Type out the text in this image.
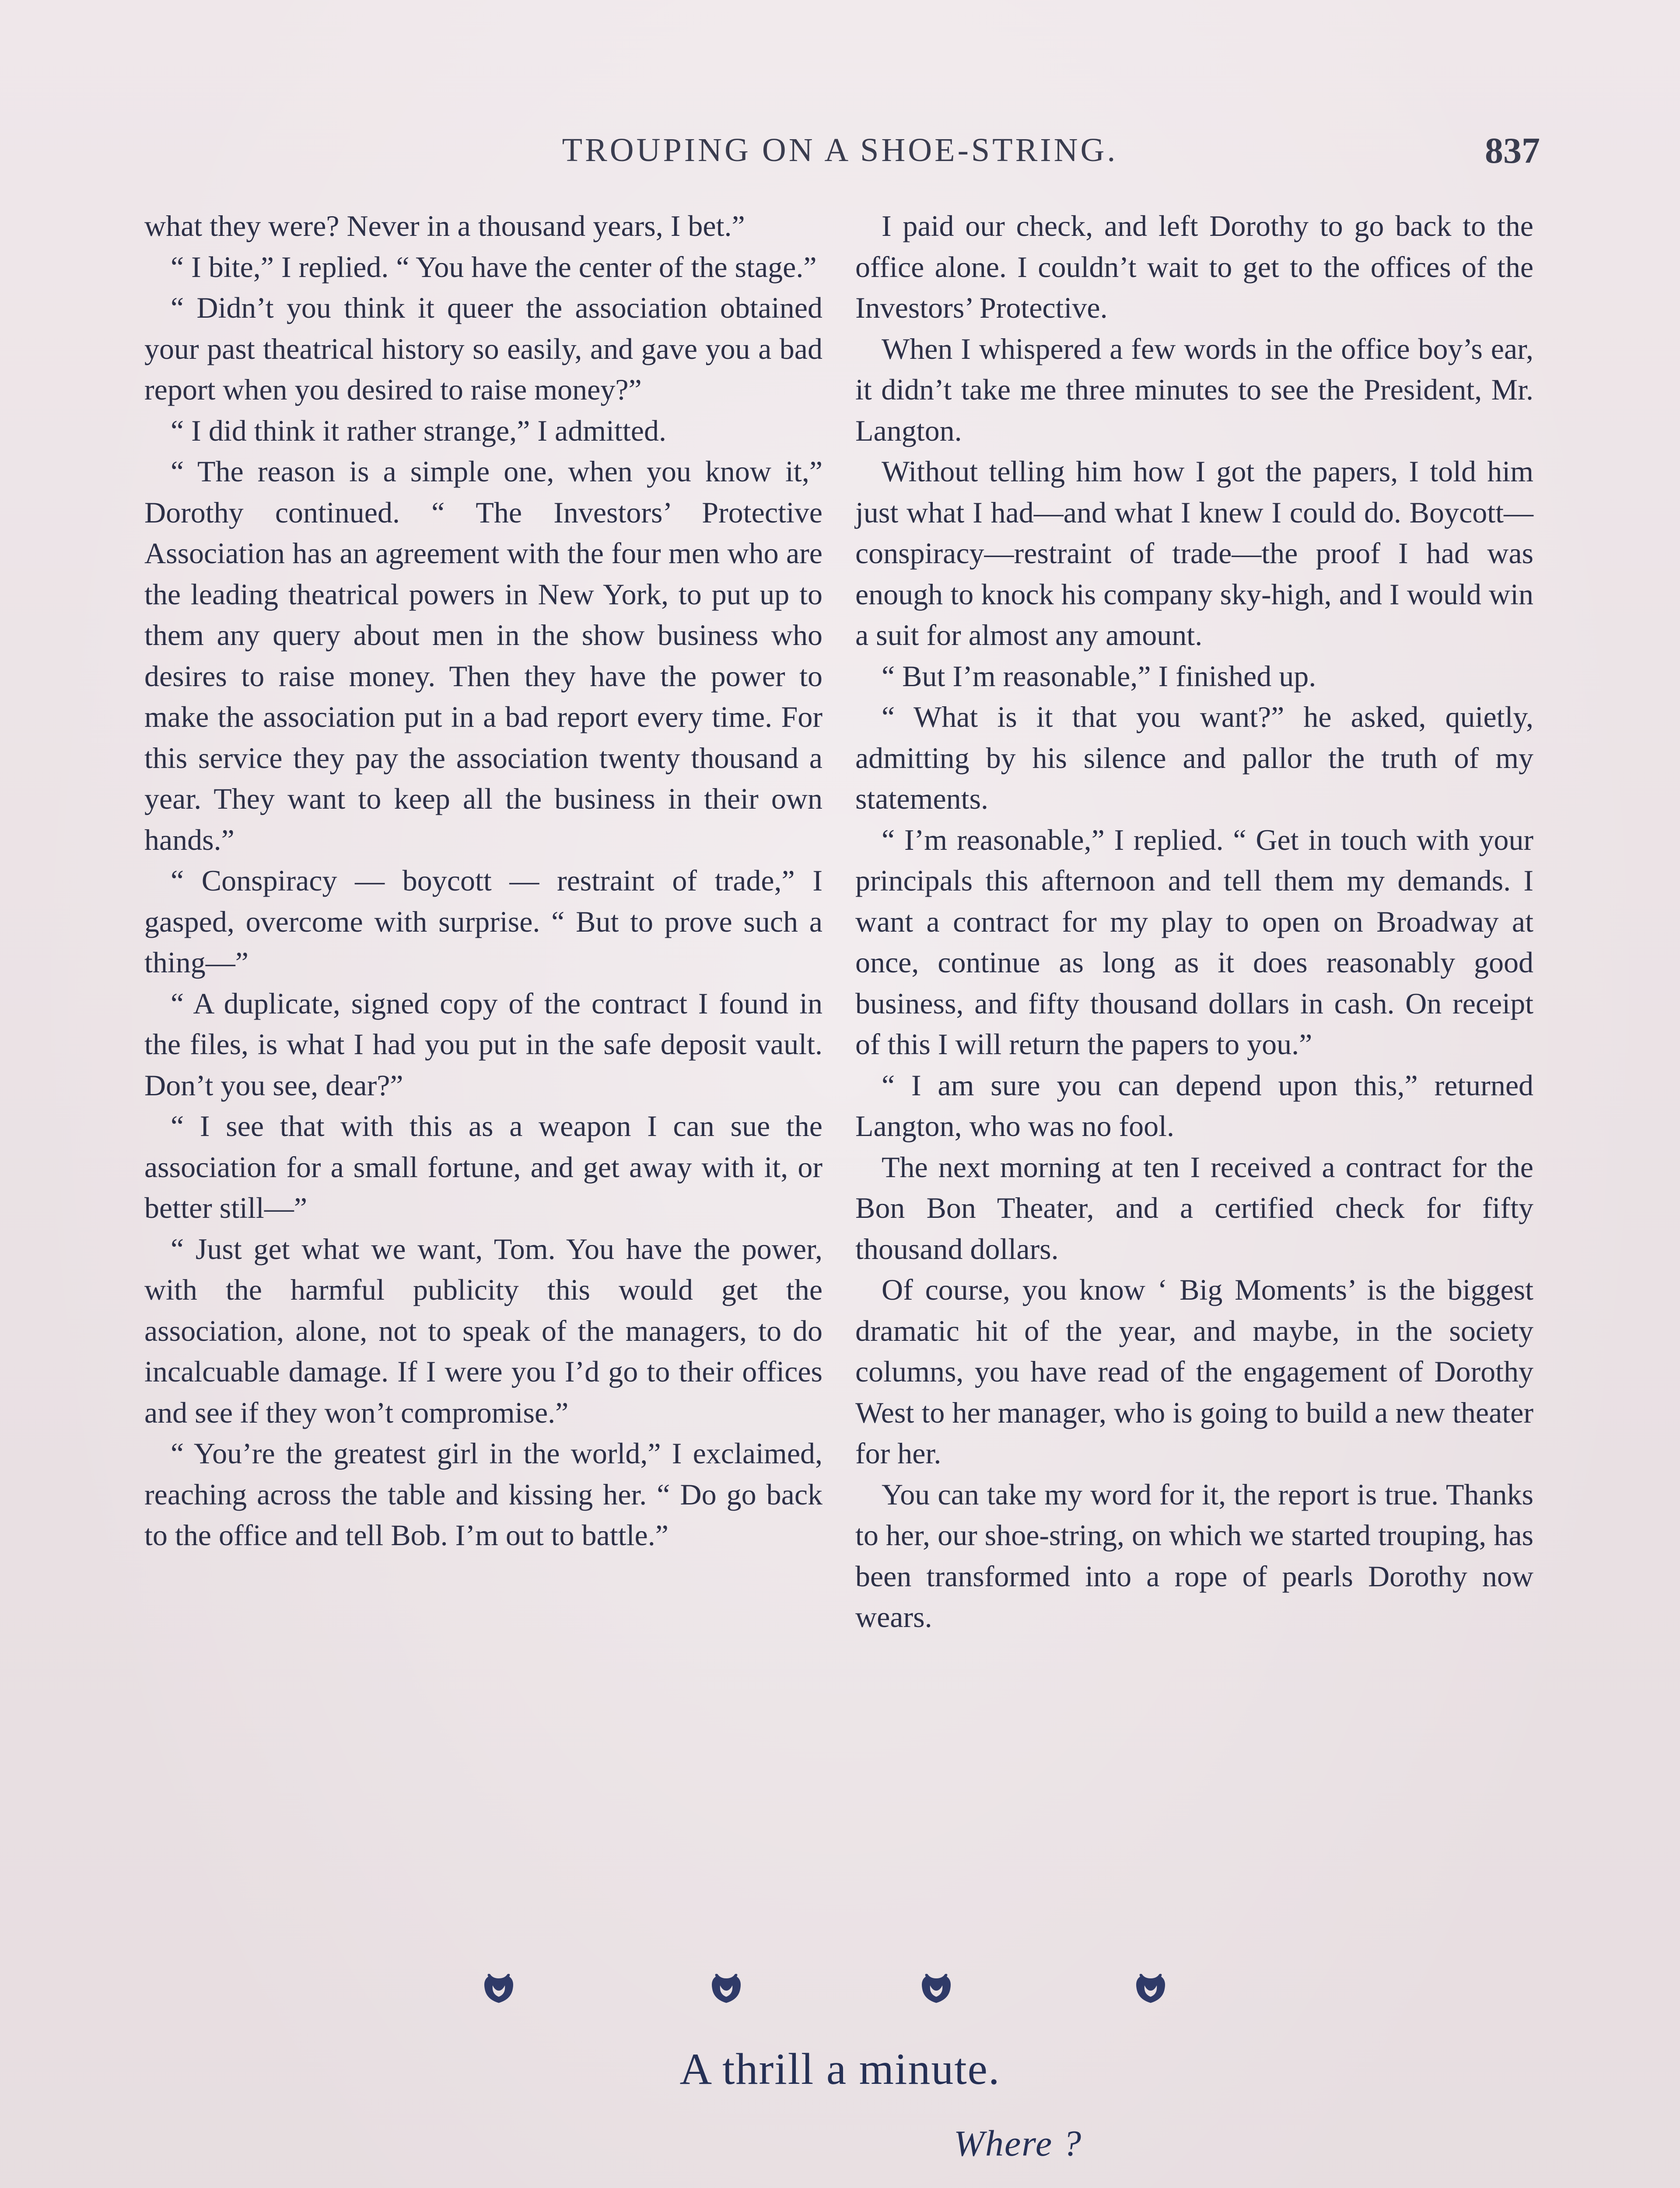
TROUPING ON A SHOE-STRING.	837

what they were? Never in a thousand years, I bet.”

“ I bite,” I replied. “ You have the center of the stage.”

“ Didn’t you think it queer the association obtained your past theatrical history so easily, and gave you a bad report when you desired to raise money?”

“ I did think it rather strange,” I admitted.

“ The reason is a simple one, when you know it,” Dorothy continued. “ The Investors’ Protective Association has an agreement with the four men who are the leading theatrical powers in New York, to put up to them any query about men in the show business who desires to raise money. Then they have the power to make the association put in a bad report every time. For this service they pay the association twenty thousand a year. They want to keep all the business in their own hands.”

“ Conspiracy — boycott — restraint of trade,” I gasped, overcome with surprise. “ But to prove such a thing—”

“ A duplicate, signed copy of the contract I found in the files, is what I had you put in the safe deposit vault. Don’t you see, dear?”

“ I see that with this as a weapon I can sue the association for a small fortune, and get away with it, or better still—”

“ Just get what we want, Tom. You have the power, with the harmful publicity this would get the association, alone, not to speak of the managers, to do incalcuable damage. If I were you I’d go to their offices and see if they won’t compromise.”

“ You’re the greatest girl in the world,” I exclaimed, reaching across the table and kissing her. “ Do go back to the office and tell Bob. I’m out to battle.”

I paid our check, and left Dorothy to go back to the office alone. I couldn’t wait to get to the offices of the Investors’ Protective.

When I whispered a few words in the office boy’s ear, it didn’t take me three minutes to see the President, Mr. Langton.

Without telling him how I got the papers, I told him just what I had—and what I knew I could do. Boycott—conspiracy—restraint of trade—the proof I had was enough to knock his company sky-high, and I would win a suit for almost any amount.

“ But I’m reasonable,” I finished up.

“ What is it that you want?” he asked, quietly, admitting by his silence and pallor the truth of my statements.

“ I’m reasonable,” I replied. “ Get in touch with your principals this afternoon and tell them my demands. I want a contract for my play to open on Broadway at once, continue as long as it does reasonably good business, and fifty thousand dollars in cash. On receipt of this I will return the papers to you.”

“ I am sure you can depend upon this,” returned Langton, who was no fool.

The next morning at ten I received a contract for the Bon Bon Theater, and a certified check for fifty thousand dollars.

Of course, you know ‘ Big Moments’ is the biggest dramatic hit of the year, and maybe, in the society columns, you have read of the engagement of Dorothy West to her manager, who is going to build a new theater for her.

You can take my word for it, the report is true. Thanks to her, our shoe-string, on which we started trouping, has been transformed into a rope of pearls Dorothy now wears.

A thrill a minute.
Where ?
